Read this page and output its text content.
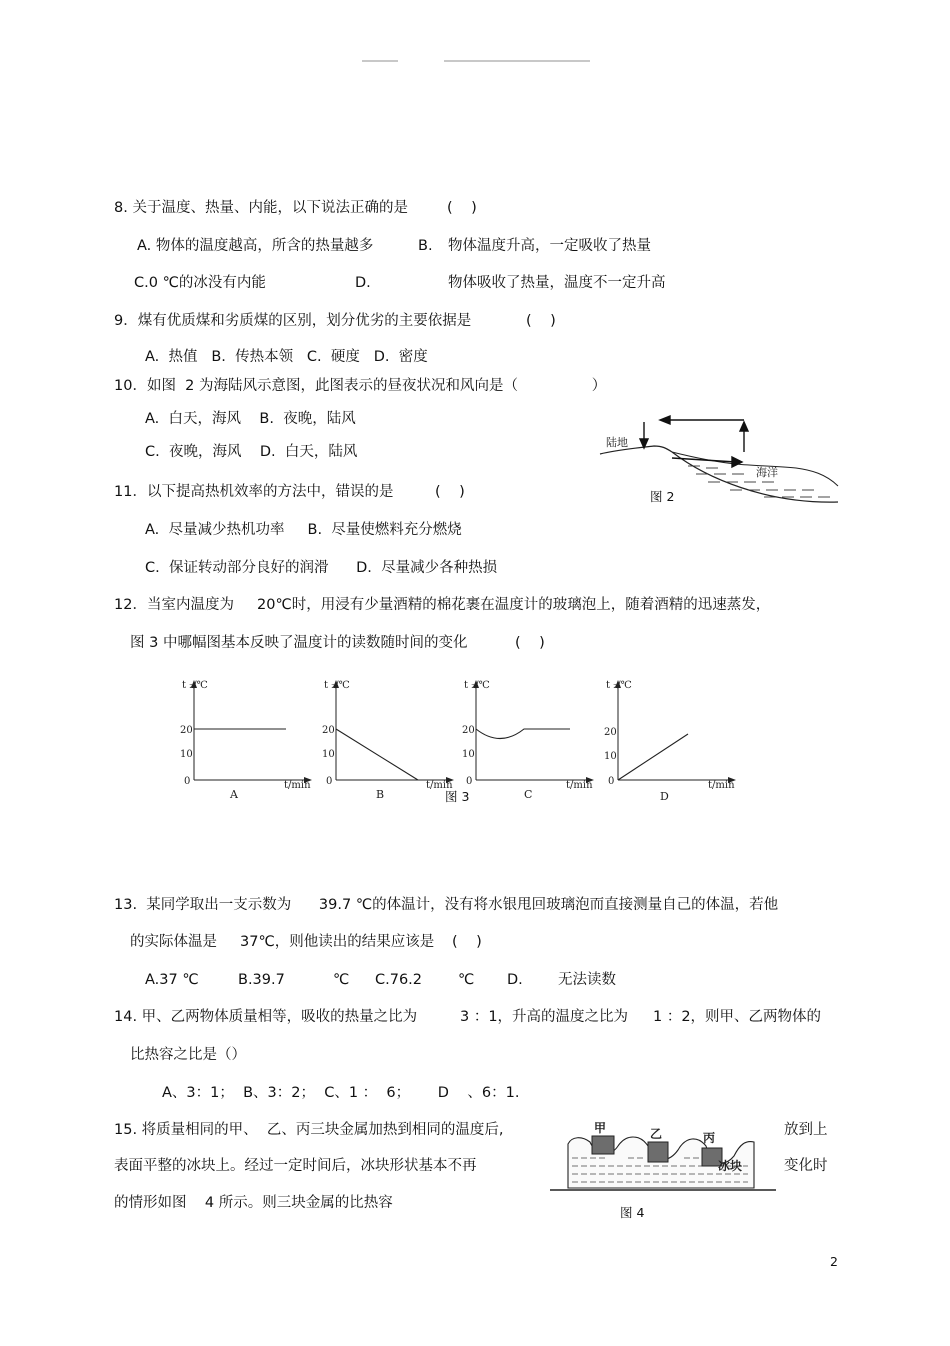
8. 关于温度、热量、内能，以下说法正确的是	(    )
A. 物体的温度越高，所含的热量越多	B. 物体温度升高，一定吸收了热量
C.0 ℃的冰没有内能	D.	物体吸收了热量，温度不一定升高
9．煤有优质煤和劣质煤的区别，划分优劣的主要依据是	(    )
A.  热值   B.  传热本领   C.  硬度   D.  密度
10．如图  2 为海陆风示意图，此图表示的昼夜状况和风向是（                ）
A.  白天，海风    B.  夜晚，陆风
C.  夜晚，海风    D.  白天，陆风
陆地
海洋
图 2
11．以下提高热机效率的方法中，错误的是	(    )
A.  尽量减少热机功率     B.  尽量使燃料充分燃烧
C.  保证转动部分良好的润滑      D.  尽量减少各种热损
12．当室内温度为     20℃时，用浸有少量酒精的棉花裹在温度计的玻璃泡上，随着酒精的迅速蒸发，
图 3 中哪幅图基本反映了温度计的读数随时间的变化	(    )
t ₂/℃
20
10
0	t/min
A
t ₂/℃
20
10
0	t/min
B
t ₂/℃
20
10
0	t/min
C
t ₂/℃
20
10
0	t/min
D
图 3
13.  某同学取出一支示数为      39.7 ℃的体温计，没有将水银甩回玻璃泡而直接测量自己的体温，若他
的实际体温是     37℃，则他读出的结果应该是 (    )
A.37 ℃	B.39.7	℃ C.76.2 ℃ D. 无法读数
14. 甲、乙两物体质量相等，吸收的热量之比为	3 ：1，升高的温度之比为 1 ：2，则甲、乙两物体的
比热容之比是（）
A、3：1；  B、3：2；  C、1 ：  6；      D    、6：1.
15. 将质量相同的甲、  乙、丙三块金属加热到相同的温度后,	放到上
表面平整的冰块上。经过一定时间后，冰块形状基本不再	变化时
的情形如图    4 所示。则三块金属的比热容
甲	乙	丙
冰块
图 4
2
